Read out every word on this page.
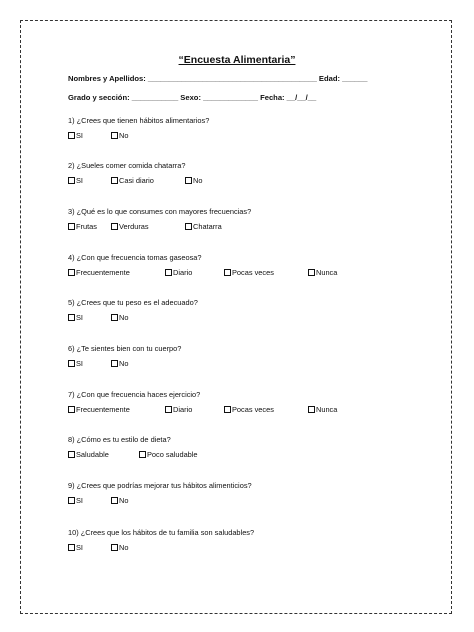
“Encuesta Alimentaria”
Nombres y Apellidos: ________________________________________ Edad: ______
Grado y sección: ___________ Sexo: _____________ Fecha: __/__/__
1) ¿Crees que tienen hábitos alimentarios?
SI	No
2) ¿Sueles comer comida chatarra?
SI	Casi diario	No
3) ¿Qué es lo que consumes con mayores frecuencias?
Frutas	Verduras	Chatarra
4) ¿Con que frecuencia tomas gaseosa?
Frecuentemente	Diario	Pocas veces	Nunca
5) ¿Crees que tu peso es el adecuado?
SI	No
6) ¿Te sientes bien con tu cuerpo?
SI	No
7) ¿Con que frecuencia haces ejercicio?
Frecuentemente	Diario	Pocas veces	Nunca
8) ¿Cómo es tu estilo de dieta?
Saludable	Poco saludable
9) ¿Crees que podrías mejorar tus hábitos alimenticios?
SI	No
10) ¿Crees que los hábitos de tu familia son saludables?
SI	No
